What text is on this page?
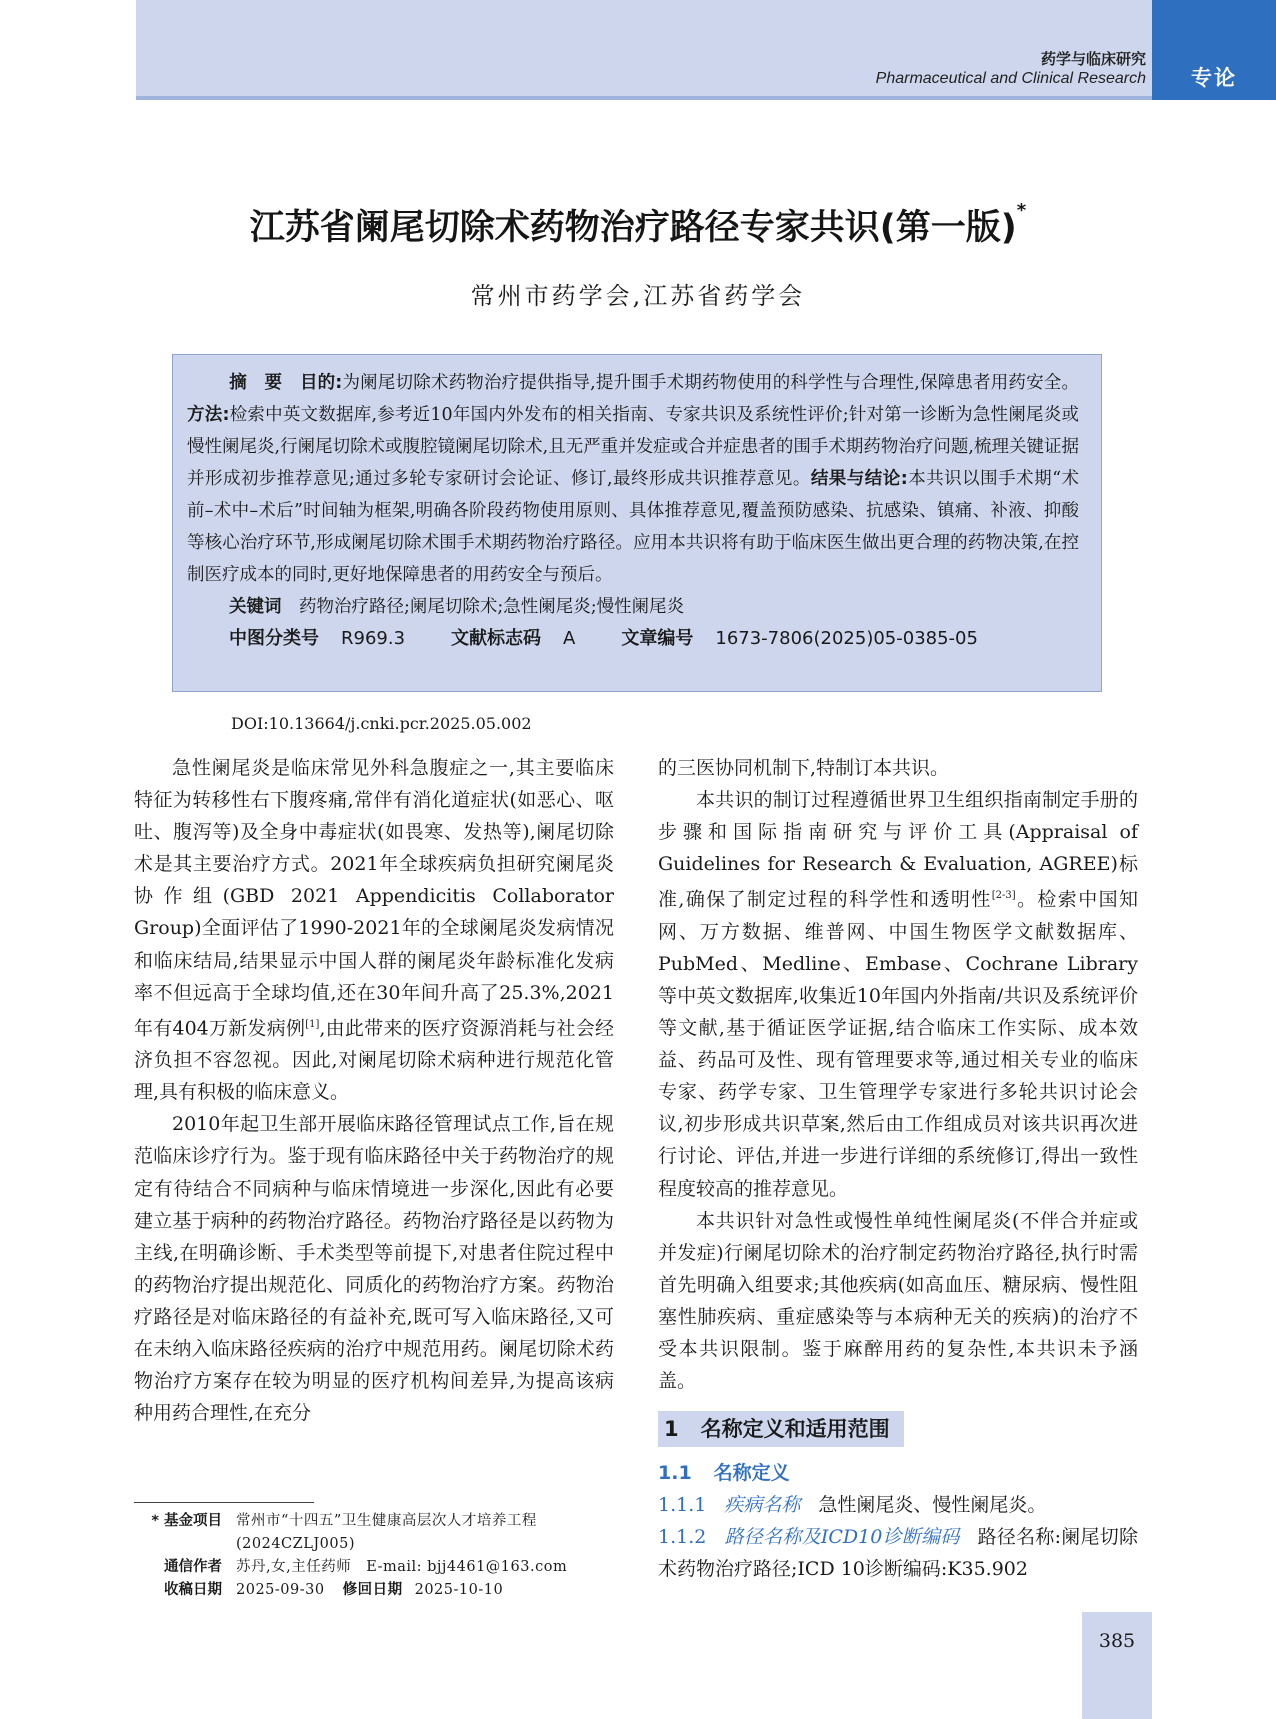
药学与临床研究
Pharmaceutical and Clinical Research	专论
江苏省阑尾切除术药物治疗路径专家共识(第一版)*
常州市药学会,江苏省药学会

摘　要　 目的:为阑尾切除术药物治疗提供指导,提升围手术期药物使用的科学性与合理性,保障患者用药安全。方法:检索中英文数据库,参考近10年国内外发布的相关指南、专家共识及系统性评价;针对第一诊断为急性阑尾炎或慢性阑尾炎,行阑尾切除术或腹腔镜阑尾切除术,且无严重并发症或合并症患者的围手术期药物治疗问题,梳理关键证据并形成初步推荐意见;通过多轮专家研讨会论证、修订,最终形成共识推荐意见。结果与结论:本共识以围手术期“术前–术中–术后”时间轴为框架,明确各阶段药物使用原则、具体推荐意见,覆盖预防感染、抗感染、镇痛、补液、抑酸等核心治疗环节,形成阑尾切除术围手术期药物治疗路径。应用本共识将有助于临床医生做出更合理的药物决策,在控制医疗成本的同时,更好地保障患者的用药安全与预后。

关键词　 药物治疗路径;阑尾切除术;急性阑尾炎;慢性阑尾炎

中图分类号 R969.3	文献标志码 A	文章编号 1673-7806(2025)05-0385-05

DOI:10.13664/j.cnki.pcr.2025.05.002

急性阑尾炎是临床常见外科急腹症之一,其主要临床特征为转移性右下腹疼痛,常伴有消化道症状(如恶心、呕吐、腹泻等)及全身中毒症状(如畏寒、发热等),阑尾切除术是其主要治疗方式。2021年全球疾病负担研究阑尾炎协作组(GBD 2021 Appendicitis Collaborator Group)全面评估了1990-2021年的全球阑尾炎发病情况和临床结局,结果显示中国人群的阑尾炎年龄标准化发病率不但远高于全球均值,还在30年间升高了25.3%,2021年有404万新发病例[1],由此带来的医疗资源消耗与社会经济负担不容忽视。因此,对阑尾切除术病种进行规范化管理,具有积极的临床意义。

2010年起卫生部开展临床路径管理试点工作,旨在规范临床诊疗行为。鉴于现有临床路径中关于药物治疗的规定有待结合不同病种与临床情境进一步深化,因此有必要建立基于病种的药物治疗路径。药物治疗路径是以药物为主线,在明确诊断、手术类型等前提下,对患者住院过程中的药物治疗提出规范化、同质化的药物治疗方案。药物治疗路径是对临床路径的有益补充,既可写入临床路径,又可在未纳入临床路径疾病的治疗中规范用药。阑尾切除术药物治疗方案存在较为明显的医疗机构间差异,为提高该病种用药合理性,在充分

的三医协同机制下,特制订本共识。

本共识的制订过程遵循世界卫生组织指南制定手册的步骤和国际指南研究与评价工具(Appraisal of Guidelines for Research & Evaluation, AGREE)标准,确保了制定过程的科学性和透明性[2-3]。检索中国知网、万方数据、维普网、中国生物医学文献数据库、PubMed、Medline、Embase、Cochrane Library等中英文数据库,收集近10年国内外指南/共识及系统评价等文献,基于循证医学证据,结合临床工作实际、成本效益、药品可及性、现有管理要求等,通过相关专业的临床专家、药学专家、卫生管理学专家进行多轮共识讨论会议,初步形成共识草案,然后由工作组成员对该共识再次进行讨论、评估,并进一步进行详细的系统修订,得出一致性程度较高的推荐意见。

本共识针对急性或慢性单纯性阑尾炎(不伴合并症或并发症)行阑尾切除术的治疗制定药物治疗路径,执行时需首先明确入组要求;其他疾病(如高血压、糖尿病、慢性阻塞性肺疾病、重症感染等与本病种无关的疾病)的治疗不受本共识限制。鉴于麻醉用药的复杂性,本共识未予涵盖。

1 名称定义和适用范围

1.1 名称定义

1.1.1 疾病名称 急性阑尾炎、慢性阑尾炎。

1.1.2 路径名称及ICD10诊断编码 路径名称:阑尾切除术药物治疗路径;ICD 10诊断编码:K35.902

* 基金项目 常州市“十四五”卫生健康高层次人才培养工程(2024CZLJ005)
通信作者 苏丹,女,主任药师　E-mail: bjj4461@163.com
收稿日期 2025-09-30 修回日期 2025-10-10
385
